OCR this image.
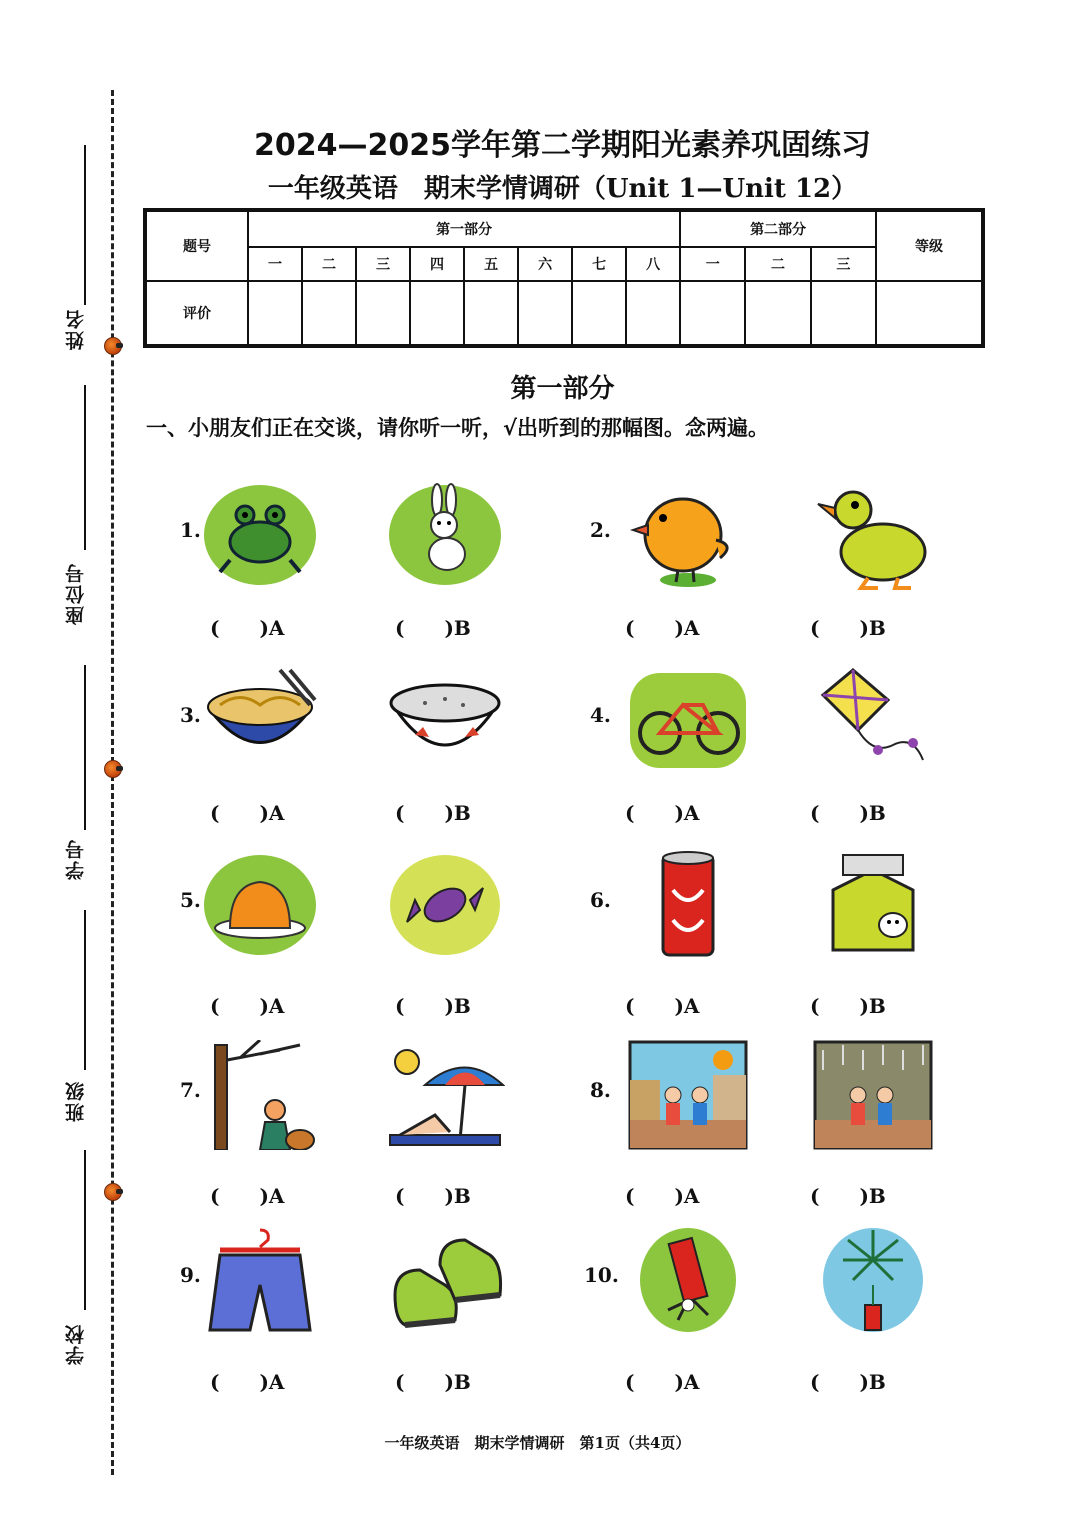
姓名
座位号
学号
班级
学校
2024—2025学年第二学期阳光素养巩固练习
一年级英语　期末学情调研（Unit 1—Unit 12）
题号	第一部分								第二部分			等级
	一	二	三	四	五	六	七	八	一	二	三	
评价												
第一部分
一、小朋友们正在交谈，请你听一听，√出听到的那幅图。念两遍。
1.
(　　)A	(　　)B
2.
(　　)A	(　　)B
3.
(　　)A	(　　)B
4.
(　　)A	(　　)B
5.
(　　)A	(　　)B
6.
(　　)A	(　　)B
7.
(　　)A	(　　)B
8.
(　　)A	(　　)B
9.
(　　)A	(　　)B
10.
(　　)A	(　　)B
一年级英语　期末学情调研　第1页（共4页）
